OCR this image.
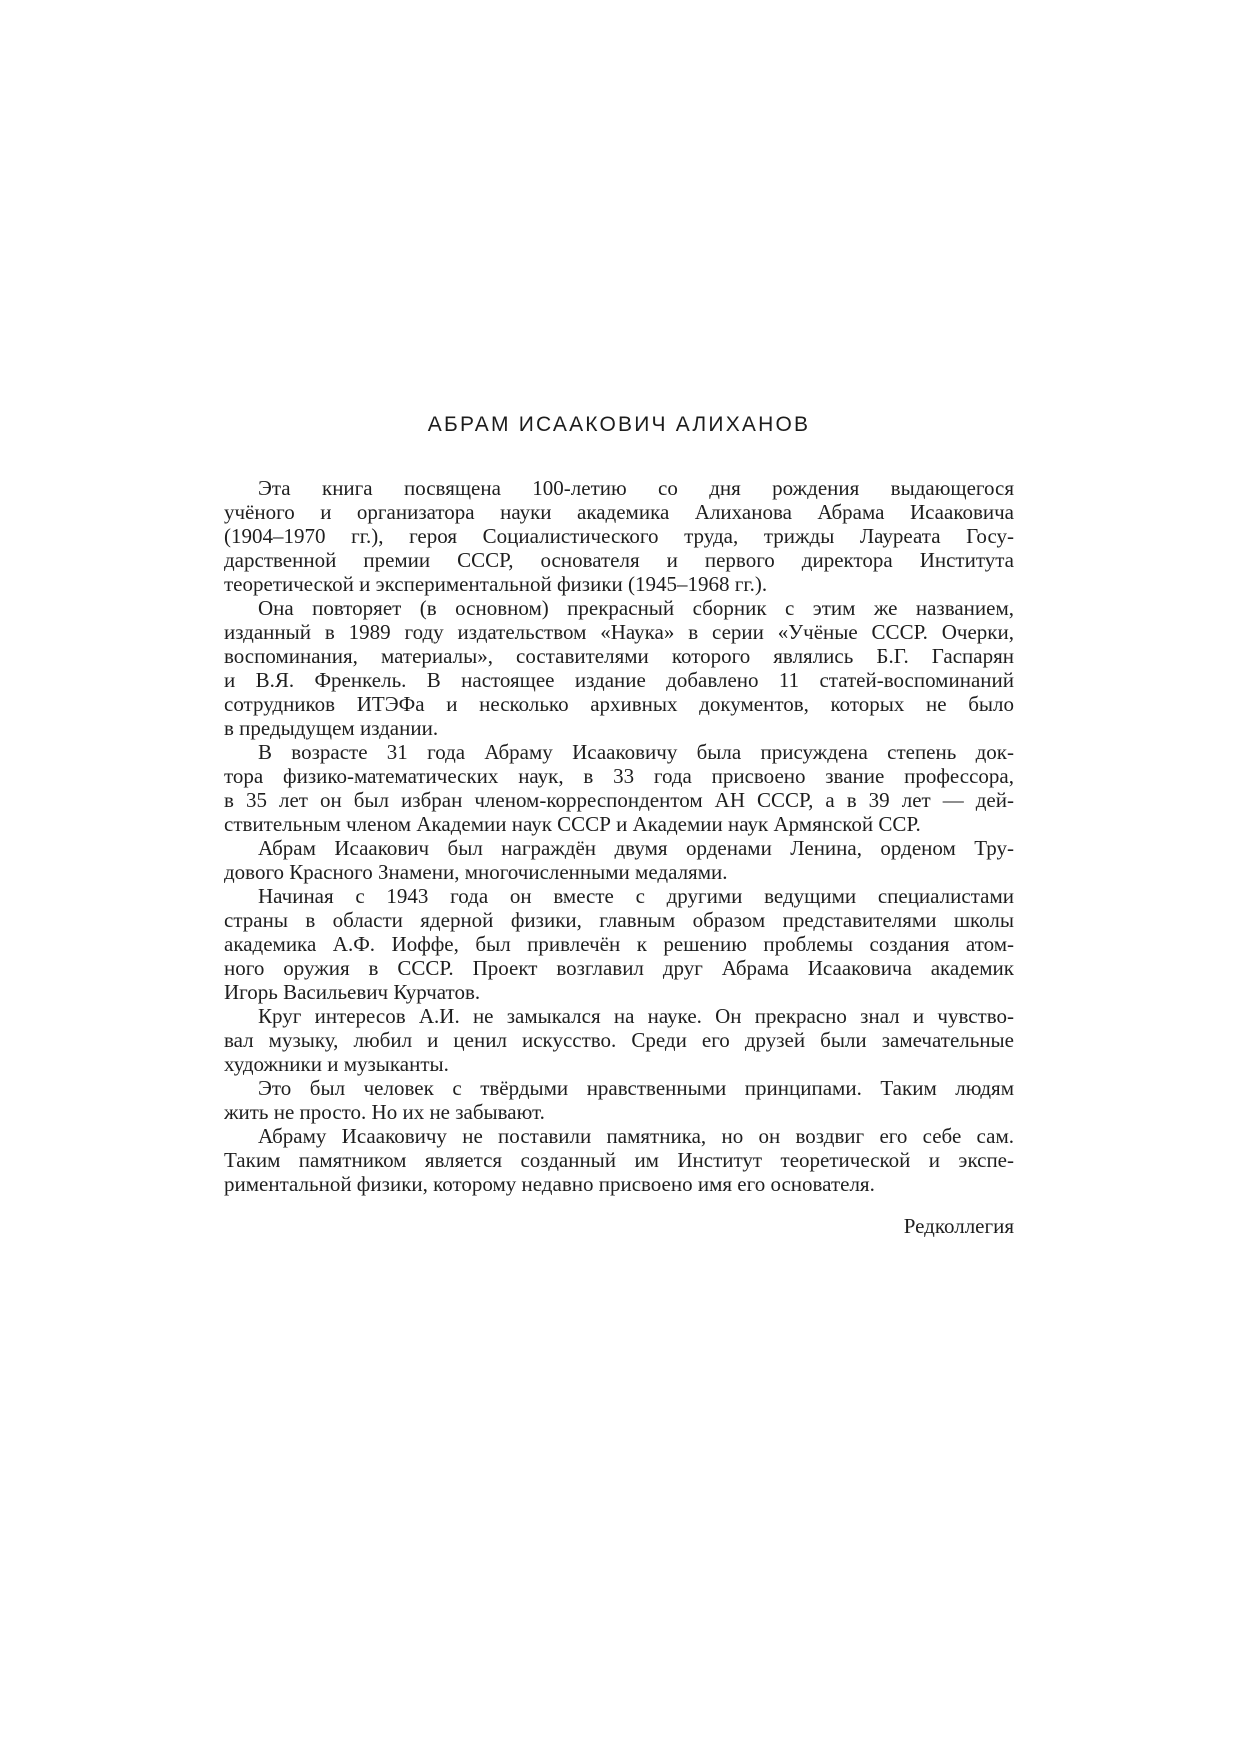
АБРАМ ИСААКОВИЧ АЛИХАНОВ
Эта книга посвящена 100-летию со дня рождения выдающегося
учёного и организатора науки академика Алиханова Абрама Исааковича
(1904–1970 гг.), героя Социалистического труда, трижды Лауреата Госу-
дарственной премии СССР, основателя и первого директора Института
теоретической и экспериментальной физики (1945–1968 гг.).
Она повторяет (в основном) прекрасный сборник с этим же названием,
изданный в 1989 году издательством «Наука» в серии «Учёные СССР. Очерки,
воспоминания, материалы», составителями которого являлись Б.Г. Гаспарян
и В.Я. Френкель. В настоящее издание добавлено 11 статей-воспоминаний
сотрудников ИТЭФа и несколько архивных документов, которых не было
в предыдущем издании.
В возрасте 31 года Абраму Исааковичу была присуждена степень док-
тора физико-математических наук, в 33 года присвоено звание профессора,
в 35 лет он был избран членом-корреспондентом АН СССР, а в 39 лет — дей-
ствительным членом Академии наук СССР и Академии наук Армянской ССР.
Абрам Исаакович был награждён двумя орденами Ленина, орденом Тру-
дового Красного Знамени, многочисленными медалями.
Начиная с 1943 года он вместе с другими ведущими специалистами
страны в области ядерной физики, главным образом представителями школы
академика А.Ф. Иоффе, был привлечён к решению проблемы создания атом-
ного оружия в СССР. Проект возглавил друг Абрама Исааковича академик
Игорь Васильевич Курчатов.
Круг интересов А.И. не замыкался на науке. Он прекрасно знал и чувство-
вал музыку, любил и ценил искусство. Среди его друзей были замечательные
художники и музыканты.
Это был человек с твёрдыми нравственными принципами. Таким людям
жить не просто. Но их не забывают.
Абраму Исааковичу не поставили памятника, но он воздвиг его себе сам.
Таким памятником является созданный им Институт теоретической и экспе-
риментальной физики, которому недавно присвоено имя его основателя.
Редколлегия
